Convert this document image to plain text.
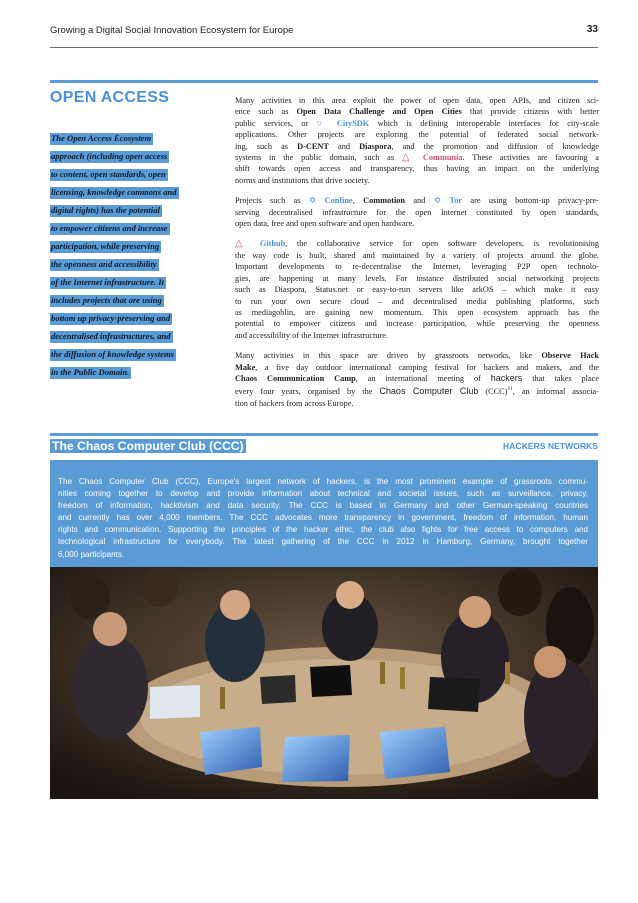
Growing a Digital Social Innovation Ecosystem for Europe	33
OPEN ACCESS
The Open Access Ecosystem
approach (including open access
to content, open standards, open
licensing, knowledge commons and
digital rights) has the potential
to empower citizens and increase
participation, while preserving
the openness and accessibility
of the Internet infrastructure. It
includes projects that are using
bottom up privacy-preserving and
decentralised infrastructures, and
the diffusion of knowledge systems
in the Public Domain.
Many activities in this area exploit the power of open data, open APIs, and citizen sci-
ence such as Open Data Challenge and Open Cities that provide citizens with better
public services, or ○ CitySDK which is defining interoperable interfaces for city-scale
applications. Other projects are exploring the potential of federated social network-
ing, such as D-CENT and Diaspora, and the promotion and diffusion of knowledge
systems in the public domain, such as △ Communia. These activities are favouring a
shift towards open access and transparency, thus having an impact on the underlying
norms and institutions that drive society.
Projects such as ✡ Confine, Commotion and ✡ Tor are using bottom-up privacy-pre-
serving decentralised infrastructure for the open Internet constituted by open standards,
open data, free and open software and open hardware.
△ Github, the collaborative service for open software developers, is revolutionising
the way code is built, shared and maintained by a variety of projects around the globe.
Important developments to re-decentralise the Internet, leveraging P2P open technolo-
gies, are happening at many levels. For instance distributed social networking projects
such as Diaspora, Status.net or easy-to-run servers like arkOS – which make it easy
to run your own secure cloud – and decentralised media publishing platforms, such
as mediagoblin, are gaining new momentum. This open ecosystem approach has the
potential to empower citizens and increase participation, while preserving the openness
and accessibility of the Internet infrastructure.
Many activities in this space are driven by grassroots networks, like Observe Hack
Make, a five day outdoor international camping festival for hackers and makers, and the
Chaos Communication Camp, an international meeting of hackers that takes place
every four years, organised by the Chaos Computer Club (CCC)$^{11}$, an informal associa-
tion of hackers from across Europe.
The Chaos Computer Club (CCC)	HACKERS NETWORKS
The Chaos Computer Club (CCC), Europe's largest network of hackers, is the most prominent example of grassroots commu-
nities coming together to develop and provide information about technical and societal issues, such as surveillance, privacy,
freedom of information, hacktivism and data security. The CCC is based in Germany and other German-speaking countries
and currently has over 4,000 members. The CCC advocates more transparency in government, freedom of information, human
rights and communication. Supporting the principles of the hacker ethic, the club also fights for free access to computers and
technological infrastructure for everybody. The latest gathering of the CCC in 2012 in Hamburg, Germany, brought together
6,000 participants.
